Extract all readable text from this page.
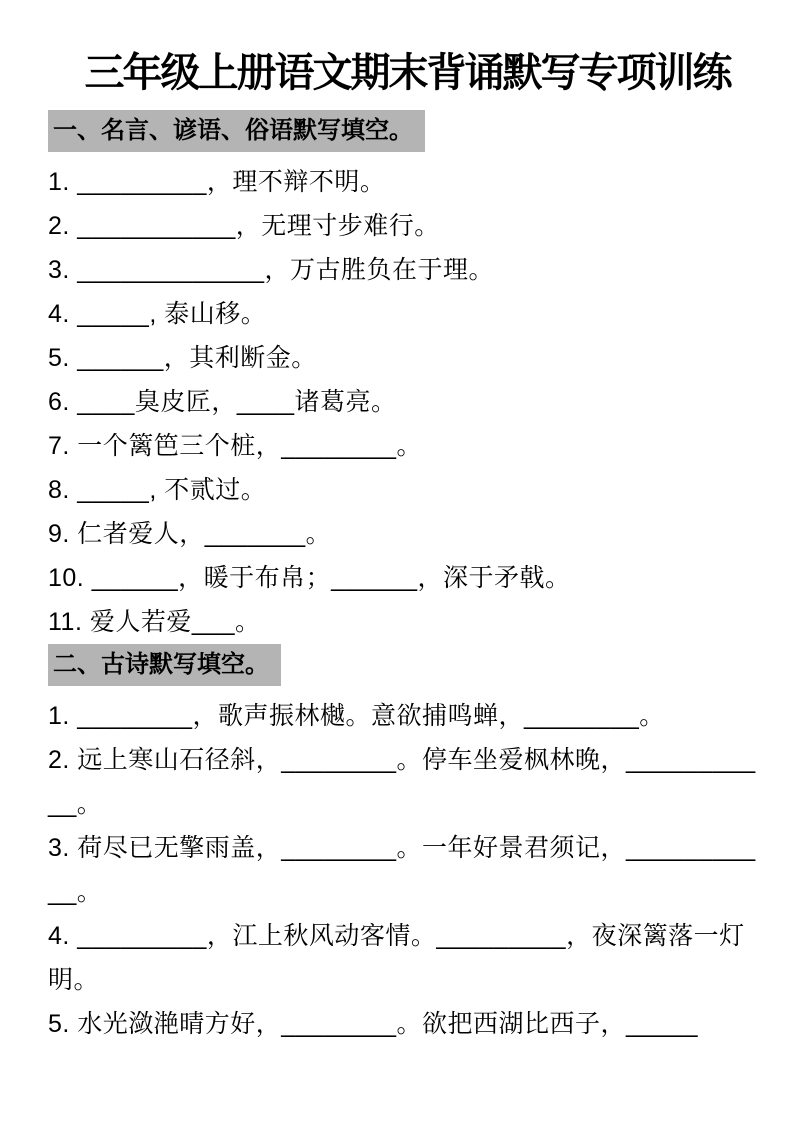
三年级上册语文期末背诵默写专项训练
一、名言、谚语、俗语默写填空。

1. _________，理不辩不明。

2. ___________，无理寸步难行。

3. _____________，万古胜负在于理。

4. _____, 泰山移。

5. ______，其利断金。

6. ____臭皮匠，____诸葛亮。

7. 一个篱笆三个桩，________。

8. _____, 不贰过。

9. 仁者爱人，_______。

10. ______，暖于布帛；______，深于矛戟。

11. 爱人若爱___。

二、古诗默写填空。

1. ________，歌声振林樾。意欲捕鸣蝉，________。

2. 远上寒山石径斜，________。停车坐爱枫林晚，___________。

3. 荷尽已无擎雨盖，________。一年好景君须记，___________。

4. _________，江上秋风动客情。_________，夜深篱落一灯明。

5. 水光潋滟晴方好，________。欲把西湖比西子，_____
